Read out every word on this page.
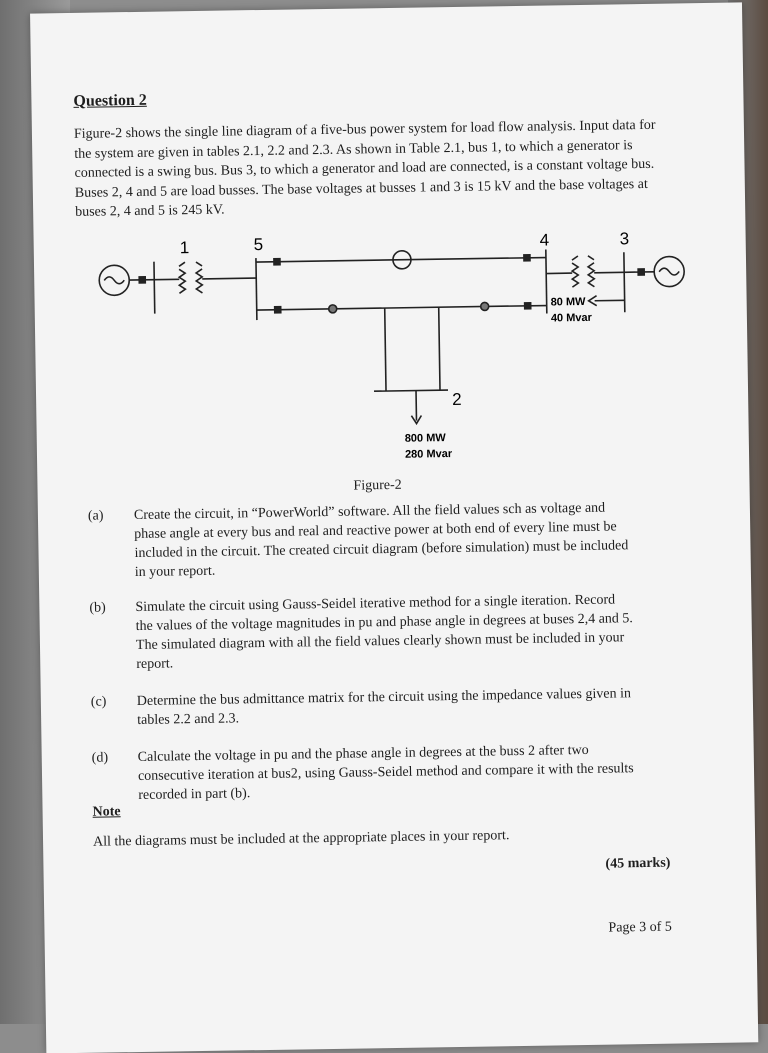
Question 2
Figure-2 shows the single line diagram of a five-bus power system for load flow analysis. Input data for the system are given in tables 2.1, 2.2 and 2.3. As shown in Table 2.1, bus 1, to which a generator is connected is a swing bus. Bus 3, to which a generator and load are connected, is a constant voltage bus. Buses 2, 4 and 5 are load busses. The base voltages at busses 1 and 3 is 15 kV and the base voltages at buses 2, 4 and 5 is 245 kV.
1	5	4	3
2
80 MW
40 Mvar
800 MW
280 Mvar
Figure-2
(a) Create the circuit, in “PowerWorld” software. All the field values sch as voltage and phase angle at every bus and real and reactive power at both end of every line must be included in the circuit. The created circuit diagram (before simulation) must be included in your report.
(b) Simulate the circuit using Gauss-Seidel iterative method for a single iteration. Record the values of the voltage magnitudes in pu and phase angle in degrees at buses 2,4 and 5. The simulated diagram with all the field values clearly shown must be included in your report.
(c) Determine the bus admittance matrix for the circuit using the impedance values given in tables 2.2 and 2.3.
(d) Calculate the voltage in pu and the phase angle in degrees at the buss 2 after two consecutive iteration at bus2, using Gauss-Seidel method and compare it with the results recorded in part (b).
Note
All the diagrams must be included at the appropriate places in your report.
(45 marks)
Page 3 of 5
